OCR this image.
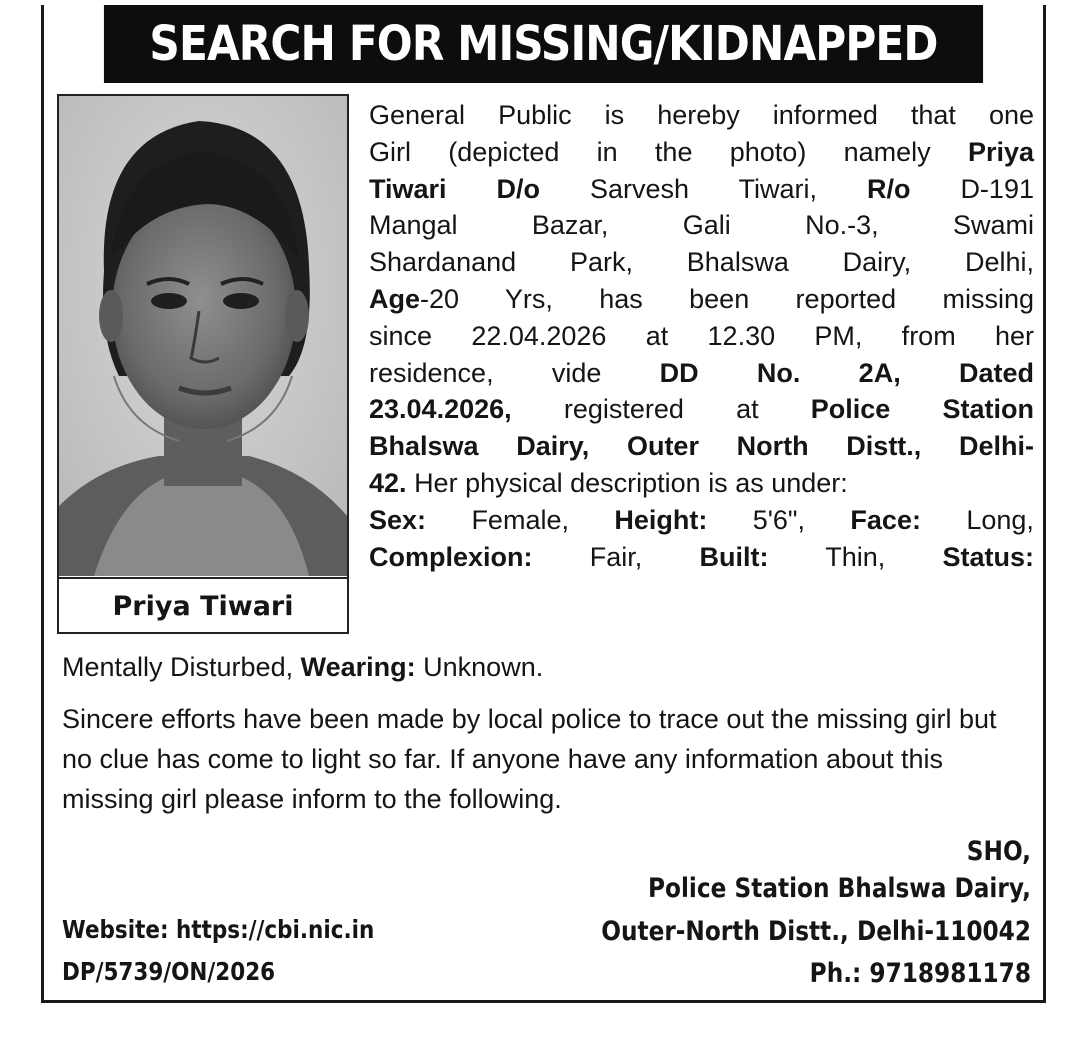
SEARCH FOR MISSING/KIDNAPPED
Priya Tiwari
General Public is hereby informed that one
Girl (depicted in the photo) namely Priya
Tiwari D/o Sarvesh Tiwari, R/o D-191
Mangal Bazar, Gali No.-3, Swami
Shardanand Park, Bhalswa Dairy, Delhi,
Age-20 Yrs, has been reported missing
since 22.04.2026 at 12.30 PM, from her
residence, vide DD No. 2A, Dated
23.04.2026, registered at Police Station
Bhalswa Dairy, Outer North Distt., Delhi-
42. Her physical description is as under:
Sex: Female, Height: 5'6", Face: Long,
Complexion: Fair, Built: Thin, Status:
Mentally Disturbed, Wearing: Unknown.
Sincere efforts have been made by local police to trace out the missing girl but no clue has come to light so far. If anyone have any information about this missing girl please inform to the following.
SHO,
Police Station Bhalswa Dairy,
Outer-North Distt., Delhi-110042
Ph.: 9718981178
Website: https://cbi.nic.in
DP/5739/ON/2026
